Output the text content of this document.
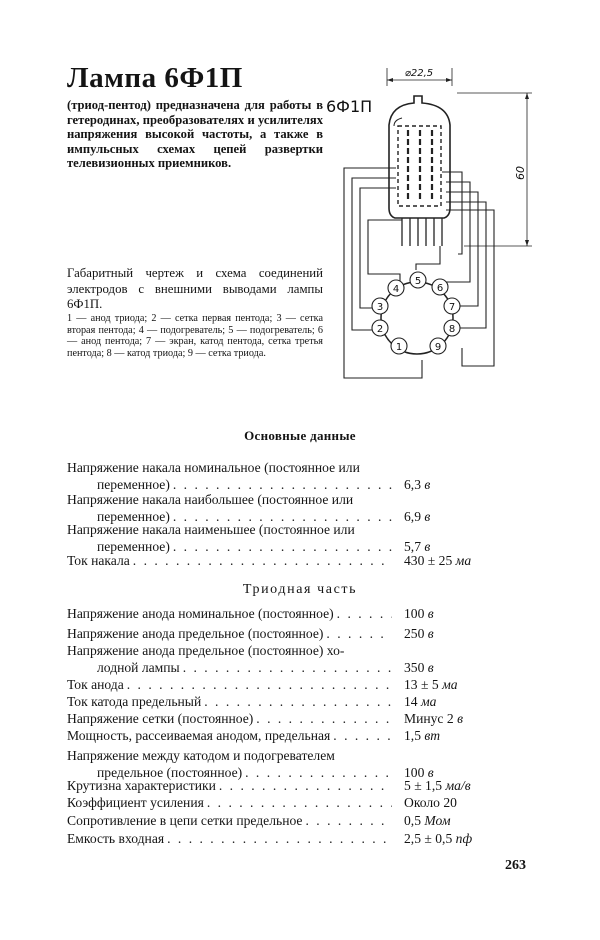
Лампа 6Ф1П
(триод-пентод) предназначена для работы в гетеродинах, преобразователях и усилителях напряжения высокой частоты, а также в импульсных схемах цепей развертки телевизионных приемников.
1
2
3
4
5
6
7
8
9
6Ф1П
⌀22,5
60
Габаритный чертеж и схема соединений электродов с внешними выводами лампы 6Ф1П.
1 — анод триода; 2 — сетка первая пентода; 3 — сетка вторая пентода; 4 — подогреватель; 5 — подогреватель; 6 — анод пентода; 7 — экран, катод пентода, сетка третья пентода; 8 — катод триода; 9 — сетка триода.
Основные данные
Триодная часть
Напряжение накала номинальное (постоянное или
переменное) . . .	6,3 в
Напряжение накала наибольшее (постоянное или
переменное) . . .	6,9 в
Напряжение накала наименьшее (постоянное или
переменное) . . .	5,7 в
Ток накала . . .	430 ± 25 ма
Напряжение анода номинальное (постоянное) . . .	100 в
Напряжение анода предельное (постоянное) . . .	250 в
Напряжение анода предельное (постоянное) хо-
лодной лампы . . .	350 в
Ток анода . . .	13 ± 5 ма
Ток катода предельный . . .	14 ма
Напряжение сетки (постоянное) . . .	Минус 2 в
Мощность, рассеиваемая анодом, предельная . . .	1,5 вт
Напряжение между катодом и подогревателем
предельное (постоянное) . . .	100 в
Крутизна характеристики . . .	5 ± 1,5 ма/в
Коэффициент усиления . . .	Около 20
Сопротивление в цепи сетки предельное . . .	0,5 Мом
Емкость входная . . .	2,5 ± 0,5 пф
263
